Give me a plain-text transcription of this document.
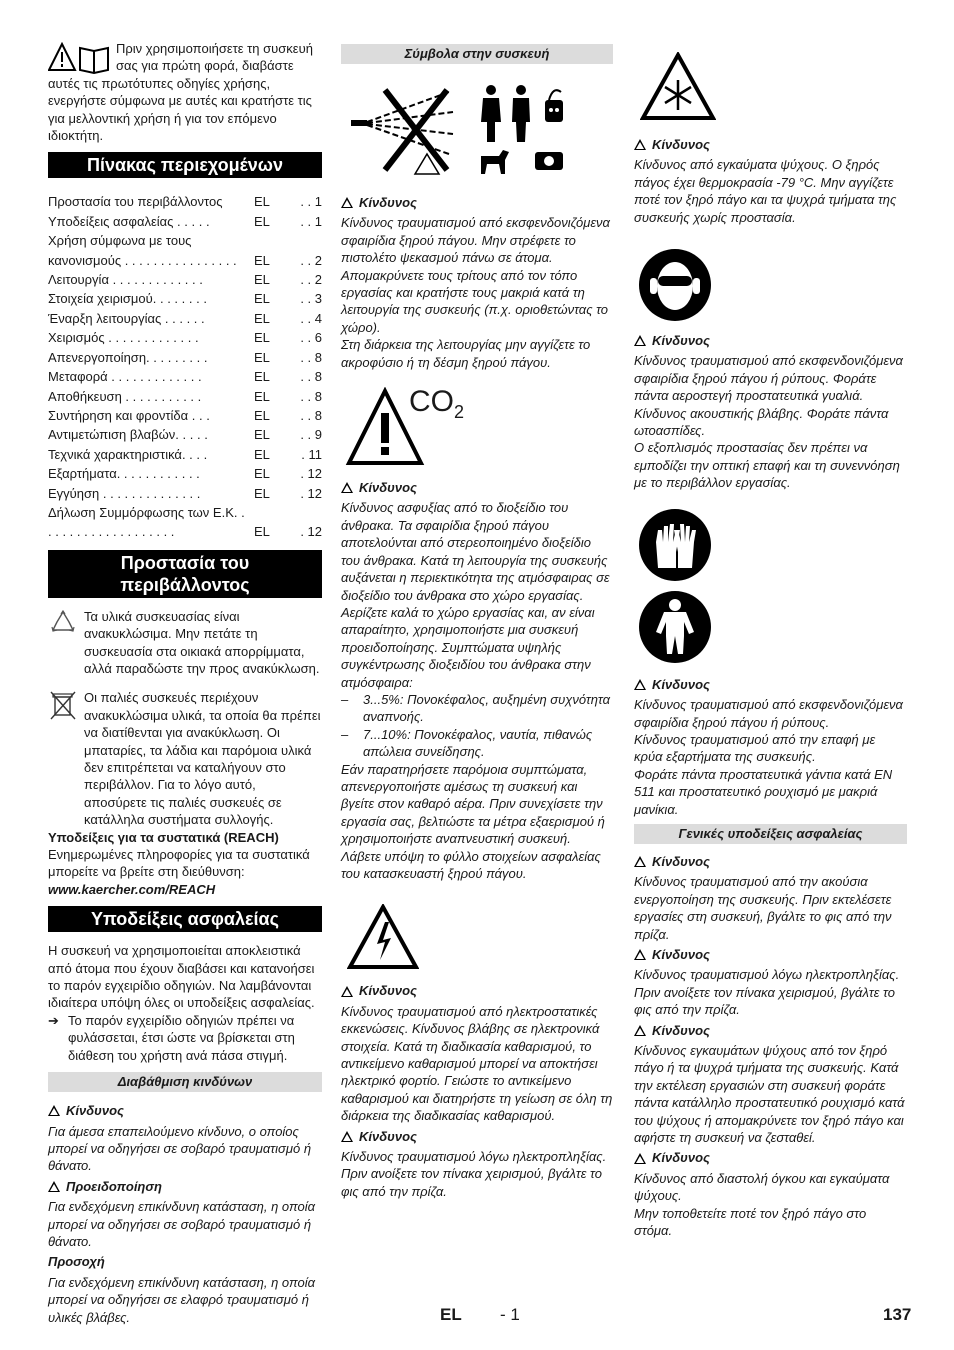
Πριν χρησιμοποιήσετε τη συσκευή σας για πρώτη φορά, διαβάστε αυτές τις πρωτότυπες οδηγίες χρήσης, ενεργήστε σύμφωνα με αυτές και κρατήστε τις για μελλοντική χρήση ή για τον επόμενο ιδιοκτήτη.

Πίνακας περιεχομένων
Προστασία του περιβάλλοντος	EL	. . 1
Υποδείξεις ασφαλείας . . . . .	EL	. . 1
Χρήση σύμφωνα με τους κανονισμούς . . . . . . . . . . . . . . . .	EL	. . 2
Λειτουργία . . . . . . . . . . . . .	EL	. . 2
Στοιχεία χειρισμού. . . . . . . .	EL	. . 3
Έναρξη λειτουργίας . . . . . .	EL	. . 4
Χειρισμός . . . . . . . . . . . . .	EL	. . 6
Απενεργοποίηση. . . . . . . . .	EL	. . 8
Μεταφορά . . . . . . . . . . . . .	EL	. . 8
Αποθήκευση . . . . . . . . . . .	EL	. . 8
Συντήρηση και φροντίδα . . .	EL	. . 8
Αντιμετώπιση βλαβών. . . . .	EL	. . 9
Τεχνικά χαρακτηριστικά. . . .	EL	. 11
Εξαρτήματα. . . . . . . . . . . .	EL	. 12
Εγγύηση . . . . . . . . . . . . . .	EL	. 12
Δήλωση Συμμόρφωσης των Ε.Κ. . . . . . . . . . . . . . . . . . . .	EL	. 12
Προστασία του περιβάλλοντος

Τα υλικά συσκευασίας είναι ανακυκλώσιμα. Μην πετάτε τη συσκευασία στα οικιακά απορρίμματα, αλλά παραδώστε την προς ανακύκλωση.

Οι παλιές συσκευές περιέχουν ανακυκλώσιμα υλικά, τα οποία θα πρέπει να διατίθενται για ανακύκλωση. Οι μπαταρίες, τα λάδια και παρόμοια υλικά δεν επιτρέπεται να καταλήγουν στο περιβάλλον. Για το λόγο αυτό, αποσύρετε τις παλιές συσκευές σε κατάλληλα συστήματα συλλογής.

Υποδείξεις για τα συστατικά (REACH)

Ενημερωμένες πληροφορίες για τα συστατικά μπορείτε να βρείτε στη διεύθυνση:

www.kaercher.com/REACH

Υποδείξεις ασφαλείας

Η συσκευή να χρησιμοποιείται αποκλειστικά από άτομα που έχουν διαβάσει και κατανοήσει το παρόν εγχειρίδιο οδηγιών. Να λαμβάνονται ιδιαίτερα υπόψη όλες οι υποδείξεις ασφαλείας.

➔ Το παρόν εγχειρίδιο οδηγιών πρέπει να φυλάσσεται, έτσι ώστε να βρίσκεται στη διάθεση του χρήστη ανά πάσα στιγμή.

Διαβάθμιση κινδύνων
Κίνδυνος

Για άμεσα επαπειλούμενο κίνδυνο, ο οποίος μπορεί να οδηγήσει σε σοβαρό τραυματισμό ή θάνατο.

Προειδοποίηση

Για ενδεχόμενη επικίνδυνη κατάσταση, η οποία μπορεί να οδηγήσει σε σοβαρό τραυματισμό ή θάνατο.

Προσοχή

Για ενδεχόμενη επικίνδυνη κατάσταση, η οποία μπορεί να οδηγήσει σε ελαφρό τραυματισμό ή υλικές βλάβες.

Σύμβολα στην συσκευή
Κίνδυνος

Κίνδυνος τραυματισμού από εκσφενδονιζόμενα σφαιρίδια ξηρού πάγου. Μην στρέφετε το πιστολέτο ψεκασμού πάνω σε άτομα. Απομακρύνετε τους τρίτους από τον τόπο εργασίας και κρατήστε τους μακριά κατά τη λειτουργία της συσκευής (π.χ. οριοθετώντας το χώρο).

Στη διάρκεια της λειτουργίας μην αγγίζετε το ακροφύσιο ή τη δέσμη ξηρού πάγου.

$CO_2$
Κίνδυνος

Κίνδυνος ασφυξίας από το διοξείδιο του άνθρακα. Τα σφαιρίδια ξηρού πάγου αποτελούνται από στερεοποιημένο διοξείδιο του άνθρακα. Κατά τη λειτουργία της συσκευής αυξάνεται η περιεκτικότητα της ατμόσφαιρας σε διοξείδιο του άνθρακα στο χώρο εργασίας. Αερίζετε καλά το χώρο εργασίας και, αν είναι απαραίτητο, χρησιμοποιήστε μια συσκευή προειδοποίησης. Συμπτώματα υψηλής συγκέντρωσης διοξειδίου του άνθρακα στην ατμόσφαιρα:

–	3...5%: Πονοκέφαλος, αυξημένη συχνότητα αναπνοής.

–	7...10%: Πονοκέφαλος, ναυτία, πιθανώς απώλεια συνείδησης.

Εάν παρατηρήσετε παρόμοια συμπτώματα, απενεργοποιήστε αμέσως τη συσκευή και βγείτε στον καθαρό αέρα. Πριν συνεχίσετε την εργασία σας, βελτιώστε τα μέτρα εξαερισμού ή χρησιμοποιήστε αναπνευστική συσκευή.

Λάβετε υπόψη το φύλλο στοιχείων ασφαλείας του κατασκευαστή ξηρού πάγου.

Κίνδυνος

Κίνδυνος τραυματισμού από ηλεκτροστατικές εκκενώσεις. Κίνδυνος βλάβης σε ηλεκτρονικά στοιχεία. Κατά τη διαδικασία καθαρισμού, το αντικείμενο καθαρισμού μπορεί να αποκτήσει ηλεκτρικό φορτίο. Γειώστε το αντικείμενο καθαρισμού και διατηρήστε τη γείωση σε όλη τη διάρκεια της διαδικασίας καθαρισμού.

Κίνδυνος

Κίνδυνος τραυματισμού λόγω ηλεκτροπληξίας. Πριν ανοίξετε τον πίνακα χειρισμού, βγάλτε το φις από την πρίζα.

Κίνδυνος

Κίνδυνος από εγκαύματα ψύχους. Ο ξηρός πάγος έχει θερμοκρασία -79 °C. Μην αγγίζετε ποτέ τον ξηρό πάγο και τα ψυχρά τμήματα της συσκευής χωρίς προστασία.

Κίνδυνος

Κίνδυνος τραυματισμού από εκσφενδονιζόμενα σφαιρίδια ξηρού πάγου ή ρύπους. Φοράτε πάντα αεροστεγή προστατευτικά γυαλιά.

Κίνδυνος ακουστικής βλάβης. Φοράτε πάντα ωτοασπίδες.

Ο εξοπλισμός προστασίας δεν πρέπει να εμποδίζει την οπτική επαφή και τη συνεννόηση με το περιβάλλον εργασίας.

Κίνδυνος

Κίνδυνος τραυματισμού από εκσφενδονιζόμενα σφαιρίδια ξηρού πάγου ή ρύπους.

Κίνδυνος τραυματισμού από την επαφή με κρύα εξαρτήματα της συσκευής.

Φοράτε πάντα προστατευτικά γάντια κατά EN 511 και προστατευτικό ρουχισμό με μακριά μανίκια.

Γενικές υποδείξεις ασφαλείας
Κίνδυνος

Κίνδυνος τραυματισμού από την ακούσια ενεργοποίηση της συσκευής. Πριν εκτελέσετε εργασίες στη συσκευή, βγάλτε το φις από την πρίζα.

Κίνδυνος

Κίνδυνος τραυματισμού λόγω ηλεκτροπληξίας. Πριν ανοίξετε τον πίνακα χειρισμού, βγάλτε το φις από την πρίζα.

Κίνδυνος

Κίνδυνος εγκαυμάτων ψύχους από τον ξηρό πάγο ή τα ψυχρά τμήματα της συσκευής. Κατά την εκτέλεση εργασιών στη συσκευή φοράτε πάντα κατάλληλο προστατευτικό ρουχισμό κατά του ψύχους ή απομακρύνετε τον ξηρό πάγο και αφήστε τη συσκευή να ζεσταθεί.

Κίνδυνος

Κίνδυνος από διαστολή όγκου και εγκαύματα ψύχους.

Μην τοποθετείτε ποτέ τον ξηρό πάγο στο στόμα.

EL - 1	137
